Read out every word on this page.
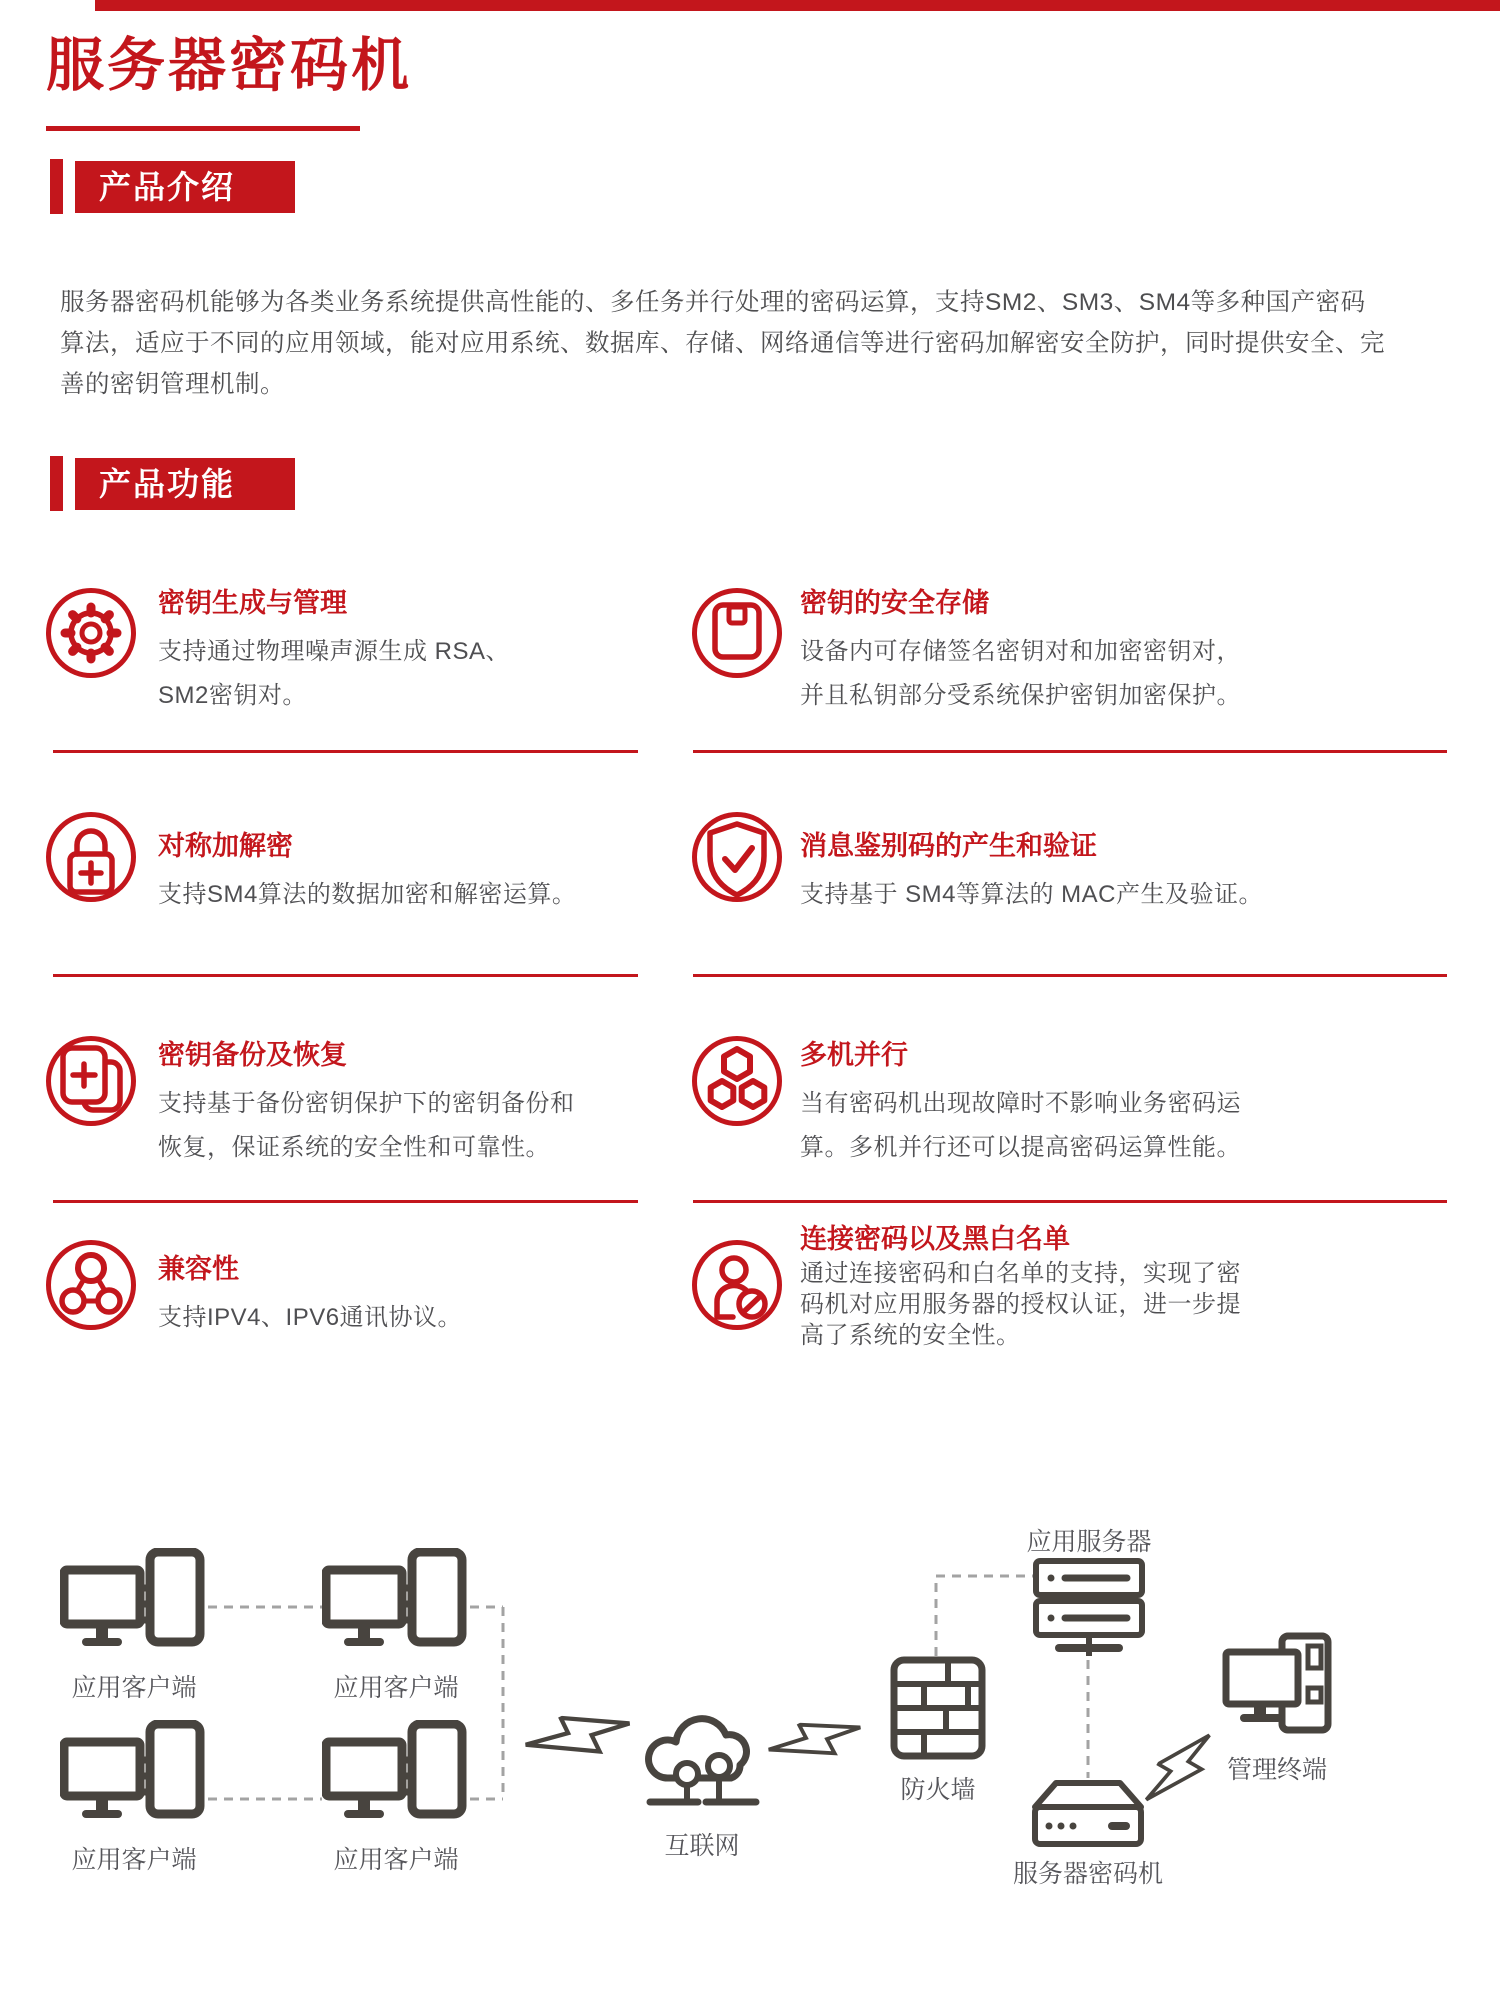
服务器密码机
产品介绍
服务器密码机能够为各类业务系统提供高性能的、多任务并行处理的密码运算，支持SM2、SM3、SM4等多种国产密码
算法，适应于不同的应用领域，能对应用系统、数据库、存储、网络通信等进行密码加解密安全防护，同时提供安全、完
善的密钥管理机制。
产品功能
密钥生成与管理
支持通过物理噪声源生成 RSA、
SM2密钥对。
密钥的安全存储
设备内可存储签名密钥对和加密密钥对，
并且私钥部分受系统保护密钥加密保护。
对称加解密
支持SM4算法的数据加密和解密运算。
消息鉴别码的产生和验证
支持基于 SM4等算法的 MAC产生及验证。
密钥备份及恢复
支持基于备份密钥保护下的密钥备份和
恢复，保证系统的安全性和可靠性。
多机并行
当有密码机出现故障时不影响业务密码运
算。多机并行还可以提高密码运算性能。
兼容性
支持IPV4、IPV6通讯协议。
连接密码以及黑白名单
通过连接密码和白名单的支持，实现了密
码机对应用服务器的授权认证，进一步提
高了系统的安全性。
应用客户端	应用客户端
应用客户端	应用客户端	互联网
防火墙
应用服务器
服务器密码机
管理终端
